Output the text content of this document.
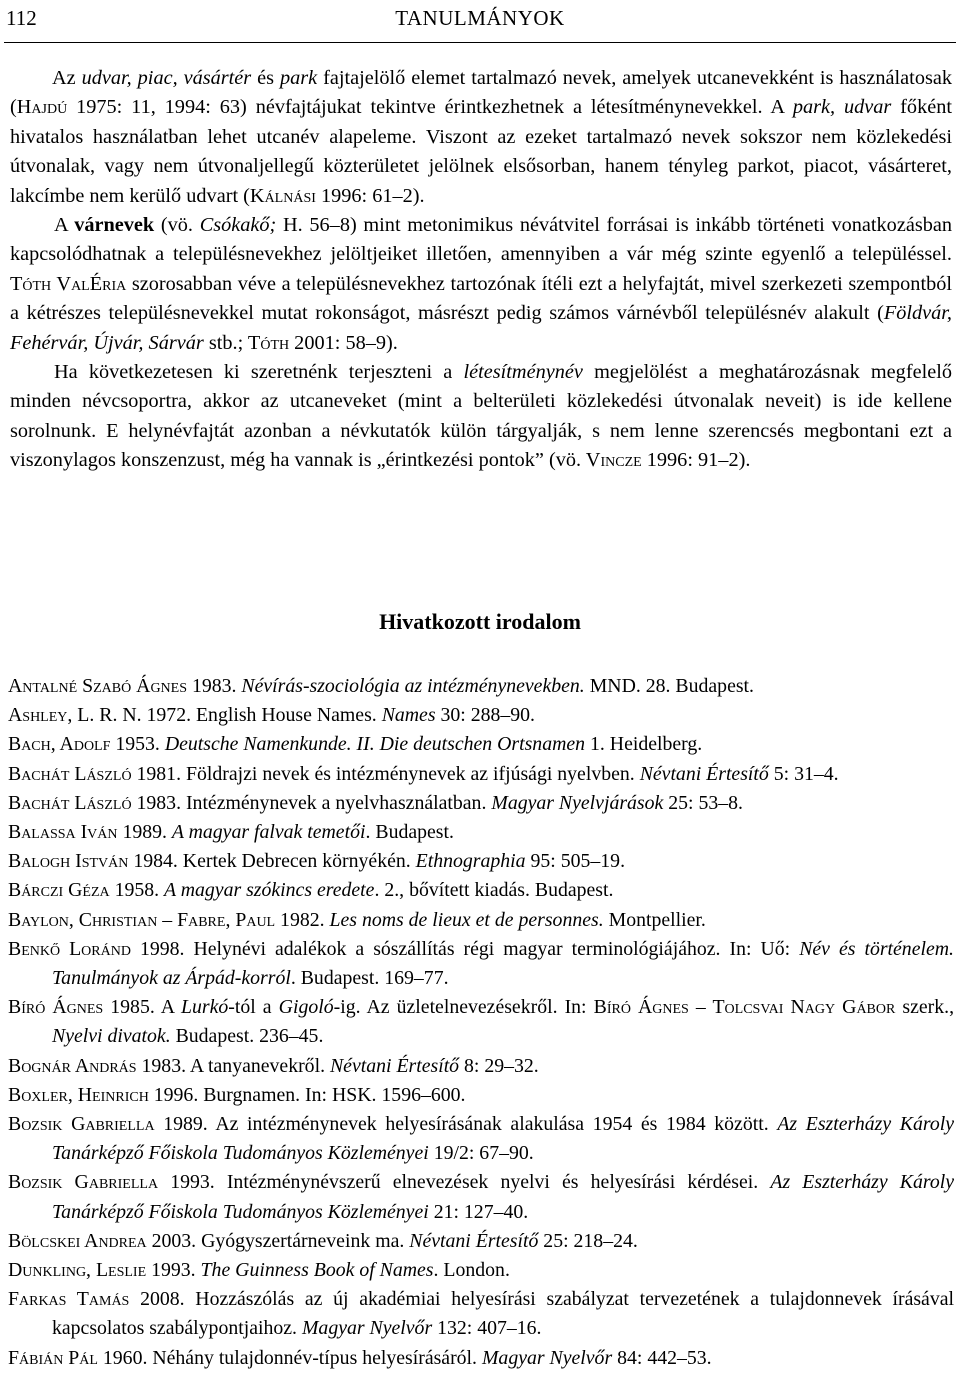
112	TANULMÁNYOK

Az udvar, piac, vásártér és park fajtajelölő elemet tartalmazó nevek, amelyek utcanevekként is használatosak (Hajdú 1975: 11, 1994: 63) névfajtájukat tekintve érintkezhetnek a létesítménynevekkel. A park, udvar főként hivatalos használatban lehet utcanév alapeleme. Viszont az ezeket tartalmazó nevek sokszor nem közlekedési útvonalak, vagy nem útvonaljellegű közterületet jelölnek elsősorban, hanem tényleg parkot, piacot, vásárteret, lakcímbe nem kerülő udvart (Kálnási 1996: 61–2).

A várnevek (vö. Csókakő; H. 56–8) mint metonimikus névátvitel forrásai is inkább történeti vonatkozásban kapcsolódhatnak a településnevekhez jelöltjeiket illetően, amennyiben a vár még szinte egyenlő a településsel. Tóth ValÉria szorosabban véve a településnevekhez tartozónak ítéli ezt a helyfajtát, mivel szerkezeti szempontból a kétrészes településnevekkel mutat rokonságot, másrészt pedig számos várnévből településnév alakult (Földvár, Fehérvár, Újvár, Sárvár stb.; Tóth 2001: 58–9).

Ha következetesen ki szeretnénk terjeszteni a létesítménynév megjelölést a meghatározásnak megfelelő minden névcsoportra, akkor az utcaneveket (mint a belterületi közlekedési útvonalak neveit) is ide kellene sorolnunk. E helynévfajtát azonban a névkutatók külön tárgyalják, s nem lenne szerencsés megbontani ezt a viszonylagos konszenzust, még ha vannak is „érintkezési pontok” (vö. Vincze 1996: 91–2).

Hivatkozott irodalom
Antalné Szabó Ágnes 1983. Névírás-szociológia az intézménynevekben. MND. 28. Budapest.
Ashley, L. R. N. 1972. English House Names. Names 30: 288–90.
Bach, Adolf 1953. Deutsche Namenkunde. II. Die deutschen Ortsnamen 1. Heidelberg.
Bachát László 1981. Földrajzi nevek és intézménynevek az ifjúsági nyelvben. Névtani Értesítő 5: 31–4.
Bachát László 1983. Intézménynevek a nyelvhasználatban. Magyar Nyelvjárások 25: 53–8.
Balassa Iván 1989. A magyar falvak temetői. Budapest.
Balogh István 1984. Kertek Debrecen környékén. Ethnographia 95: 505–19.
Bárczi Géza 1958. A magyar szókincs eredete. 2., bővített kiadás. Budapest.
Baylon, Christian – Fabre, Paul 1982. Les noms de lieux et de personnes. Montpellier.
Benkő Loránd 1998. Helynévi adalékok a sószállítás régi magyar terminológiájához. In: Uő: Név és történelem. Tanulmányok az Árpád-korról. Budapest. 169–77.
Bíró Ágnes 1985. A Lurkó-tól a Gigoló-ig. Az üzletelnevezésekről. In: Bíró Ágnes – Tolcsvai Nagy Gábor szerk., Nyelvi divatok. Budapest. 236–45.
Bognár András 1983. A tanyanevekről. Névtani Értesítő 8: 29–32.
Boxler, Heinrich 1996. Burgnamen. In: HSK. 1596–600.
Bozsik Gabriella 1989. Az intézménynevek helyesírásának alakulása 1954 és 1984 között. Az Eszterházy Károly Tanárképző Főiskola Tudományos Közleményei 19/2: 67–90.
Bozsik Gabriella 1993. Intézménynévszerű elnevezések nyelvi és helyesírási kérdései. Az Eszterházy Károly Tanárképző Főiskola Tudományos Közleményei 21: 127–40.
Bölcskei Andrea 2003. Gyógyszertárneveink ma. Névtani Értesítő 25: 218–24.
Dunkling, Leslie 1993. The Guinness Book of Names. London.
Farkas Tamás 2008. Hozzászólás az új akadémiai helyesírási szabályzat tervezetének a tulajdonnevek írásával kapcsolatos szabálypontjaihoz. Magyar Nyelvőr 132: 407–16.
Fábián Pál 1960. Néhány tulajdonnév-típus helyesírásáról. Magyar Nyelvőr 84: 442–53.
